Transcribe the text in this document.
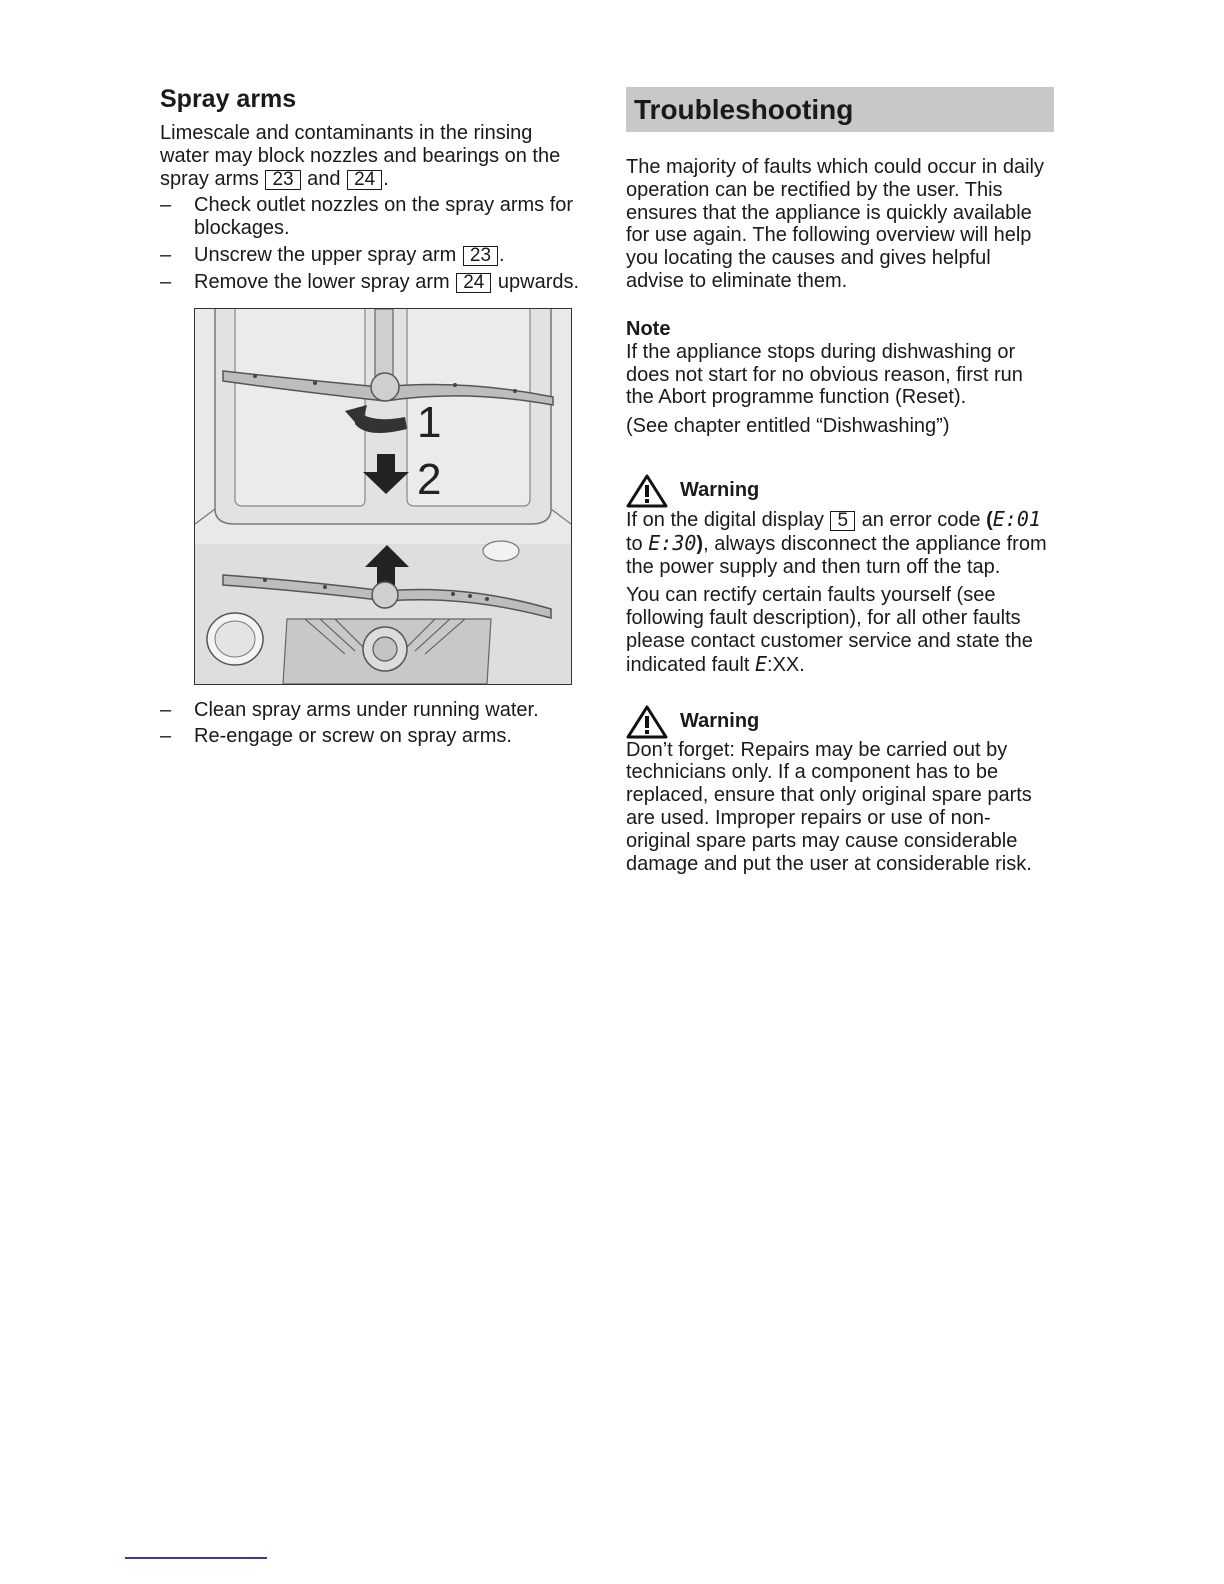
Spray arms

Limescale and contaminants in the rinsing water may block nozzles and bearings on the spray arms 23 and 24 .

– Check outlet nozzles on the spray arms for blockages.
– Unscrew the upper spray arm 23 .
– Remove the lower spray arm 24 upwards.
1
2
– Clean spray arms under running water.
– Re-engage or screw on spray arms.
Troubleshooting

The majority of faults which could occur in daily operation can be rectified by the user. This ensures that the appliance is quickly available for use again. The following overview will help you locating the causes and gives helpful advise to eliminate them.

Note

If the appliance stops during dishwashing or does not start for no obvious reason, first run the Abort programme function (Reset).

(See chapter entitled “Dishwashing”)

Warning

If on the digital display 5 an error code (E:01 to E:30), always disconnect the appliance from the power supply and then turn off the tap.

You can rectify certain faults yourself (see following fault description), for all other faults please contact customer service and state the indicated fault E:XX.

Warning

Don’t forget: Repairs may be carried out by technicians only. If a component has to be replaced, ensure that only original spare parts are used. Improper repairs or use of non-original spare parts may cause considerable damage and put the user at considerable risk.
